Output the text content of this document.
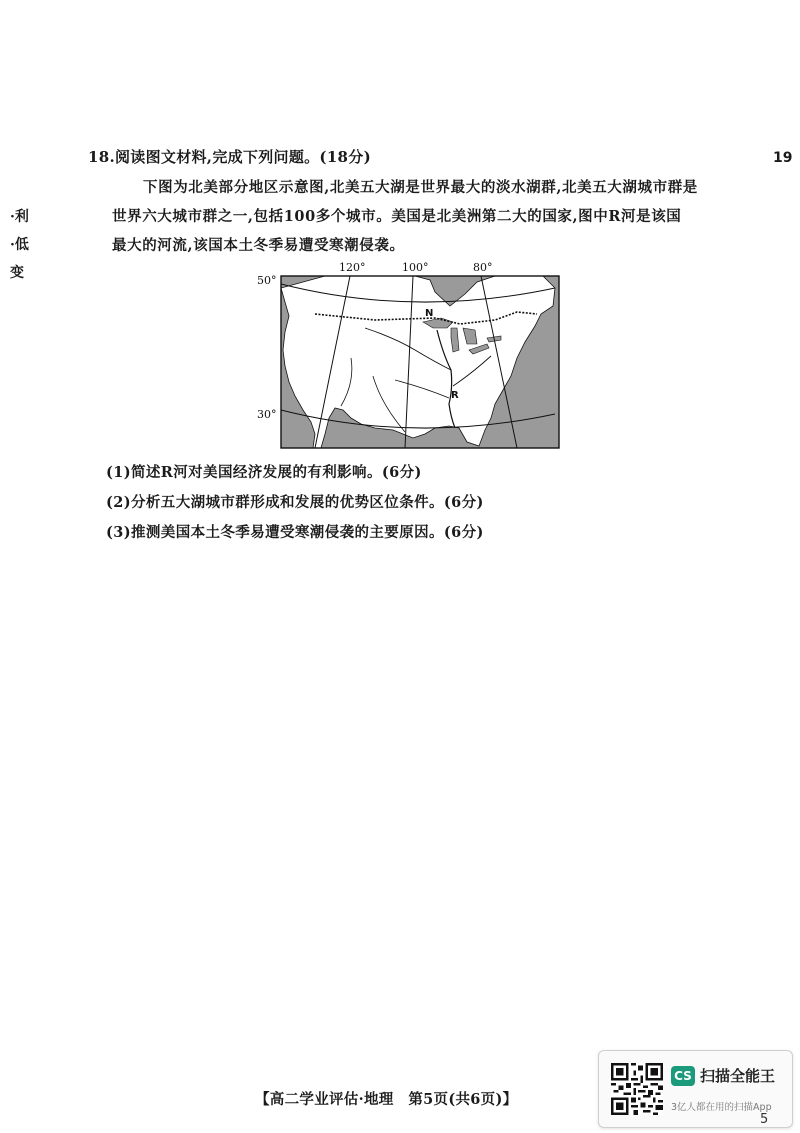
18.阅读图文材料,完成下列问题。(18分)
下图为北美部分地区示意图,北美五大湖是世界最大的淡水湖群,北美五大湖城市群是
世界六大城市群之一,包括100多个城市。美国是北美洲第二大的国家,图中R河是该国
最大的河流,该国本土冬季易遭受寒潮侵袭。
·利
·低
变
19
120°	100°	80°
50°
30°
N
R
(1)简述R河对美国经济发展的有利影响。(6分)
(2)分析五大湖城市群形成和发展的优势区位条件。(6分)
(3)推测美国本土冬季易遭受寒潮侵袭的主要原因。(6分)
【高二学业评估·地理　第5页(共6页)】
CS 扫描全能王
3亿人都在用的扫描App
5
